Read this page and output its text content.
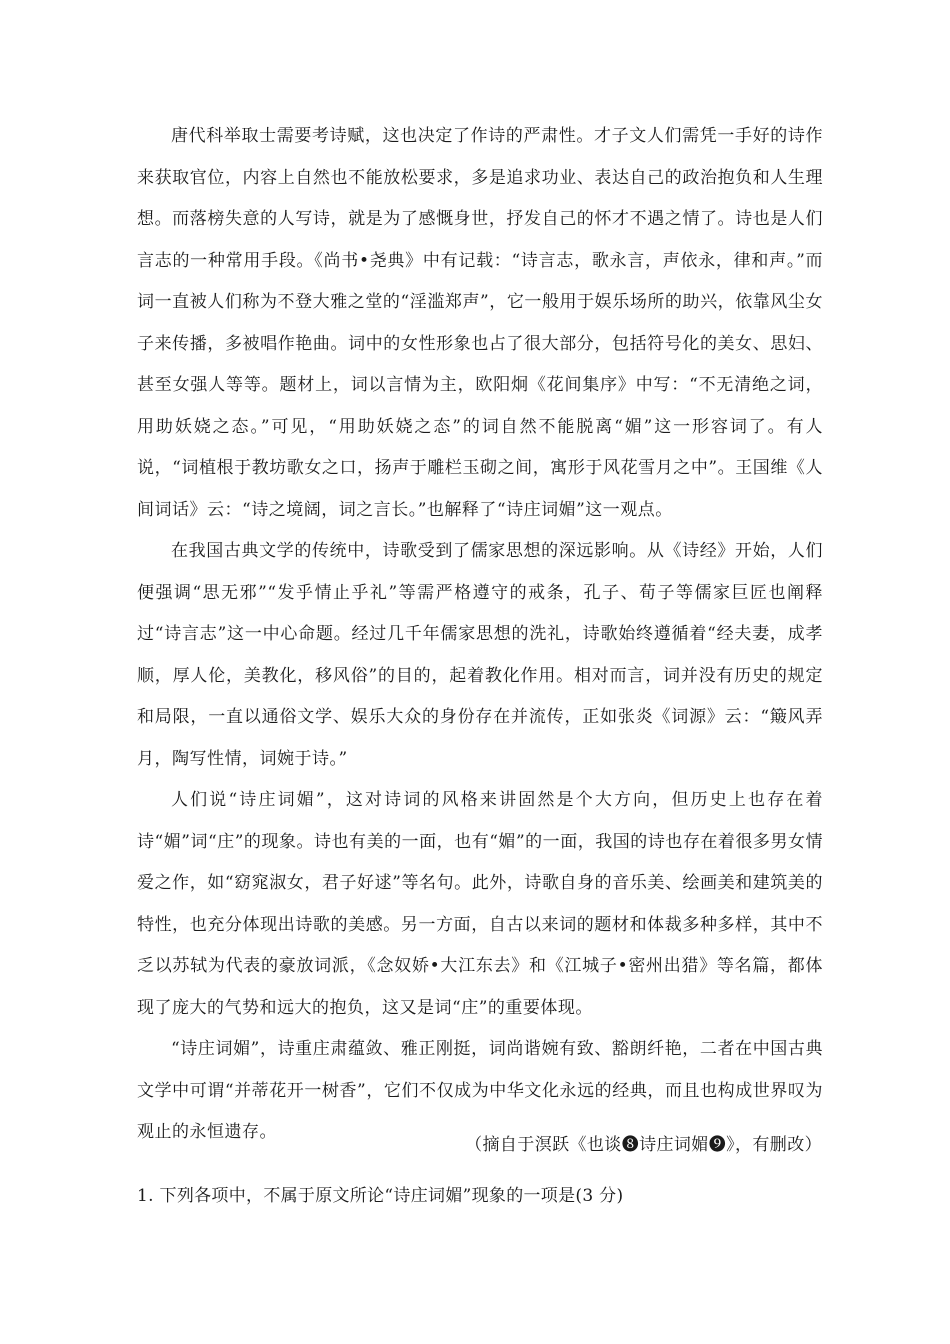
唐代科举取士需要考诗赋，这也决定了作诗的严肃性。才子文人们需凭一手好的诗作来获取官位，内容上自然也不能放松要求，多是追求功业、表达自己的政治抱负和人生理想。而落榜失意的人写诗，就是为了感慨身世，抒发自己的怀才不遇之情了。诗也是人们言志的一种常用手段。《尚书•尧典》中有记载：“诗言志，歌永言，声依永，律和声。”而词一直被人们称为不登大雅之堂的“淫滥郑声”，它一般用于娱乐场所的助兴，依靠风尘女子来传播，多被唱作艳曲。词中的女性形象也占了很大部分，包括符号化的美女、思妇、甚至女强人等等。题材上，词以言情为主，欧阳炯《花间集序》中写：“不无清绝之词，用助妖娆之态。”可见，“用助妖娆之态”的词自然不能脱离“媚”这一形容词了。有人说，“词植根于教坊歌女之口，扬声于雕栏玉砌之间，寓形于风花雪月之中”。王国维《人间词话》云：“诗之境阔，词之言长。”也解释了“诗庄词媚”这一观点。

在我国古典文学的传统中，诗歌受到了儒家思想的深远影响。从《诗经》开始，人们便强调“思无邪”“发乎情止乎礼”等需严格遵守的戒条，孔子、荀子等儒家巨匠也阐释过“诗言志”这一中心命题。经过几千年儒家思想的洗礼，诗歌始终遵循着“经夫妻，成孝顺，厚人伦，美教化，移风俗”的目的，起着教化作用。相对而言，词并没有历史的规定和局限，一直以通俗文学、娱乐大众的身份存在并流传，正如张炎《词源》云：“簸风弄月，陶写性情，词婉于诗。”

人们说“诗庄词媚”，这对诗词的风格来讲固然是个大方向，但历史上也存在着诗“媚”词“庄”的现象。诗也有美的一面，也有“媚”的一面，我国的诗也存在着很多男女情爱之作，如“窈窕淑女，君子好逑”等名句。此外，诗歌自身的音乐美、绘画美和建筑美的特性，也充分体现出诗歌的美感。另一方面，自古以来词的题材和体裁多种多样，其中不乏以苏轼为代表的豪放词派，《念奴娇•大江东去》和《江城子•密州出猎》等名篇，都体现了庞大的气势和远大的抱负，这又是词“庄”的重要体现。

“诗庄词媚”，诗重庄肃蕴敛、雅正刚挺，词尚谐婉有致、豁朗纤艳，二者在中国古典文学中可谓“并蒂花开一树香”，它们不仅成为中华文化永远的经典，而且也构成世界叹为观止的永恒遗存。

（摘自于溟跃《也谈❽诗庄词媚❾》，有删改）
1. 下列各项中，不属于原文所论“诗庄词媚”现象的一项是(3 分)
